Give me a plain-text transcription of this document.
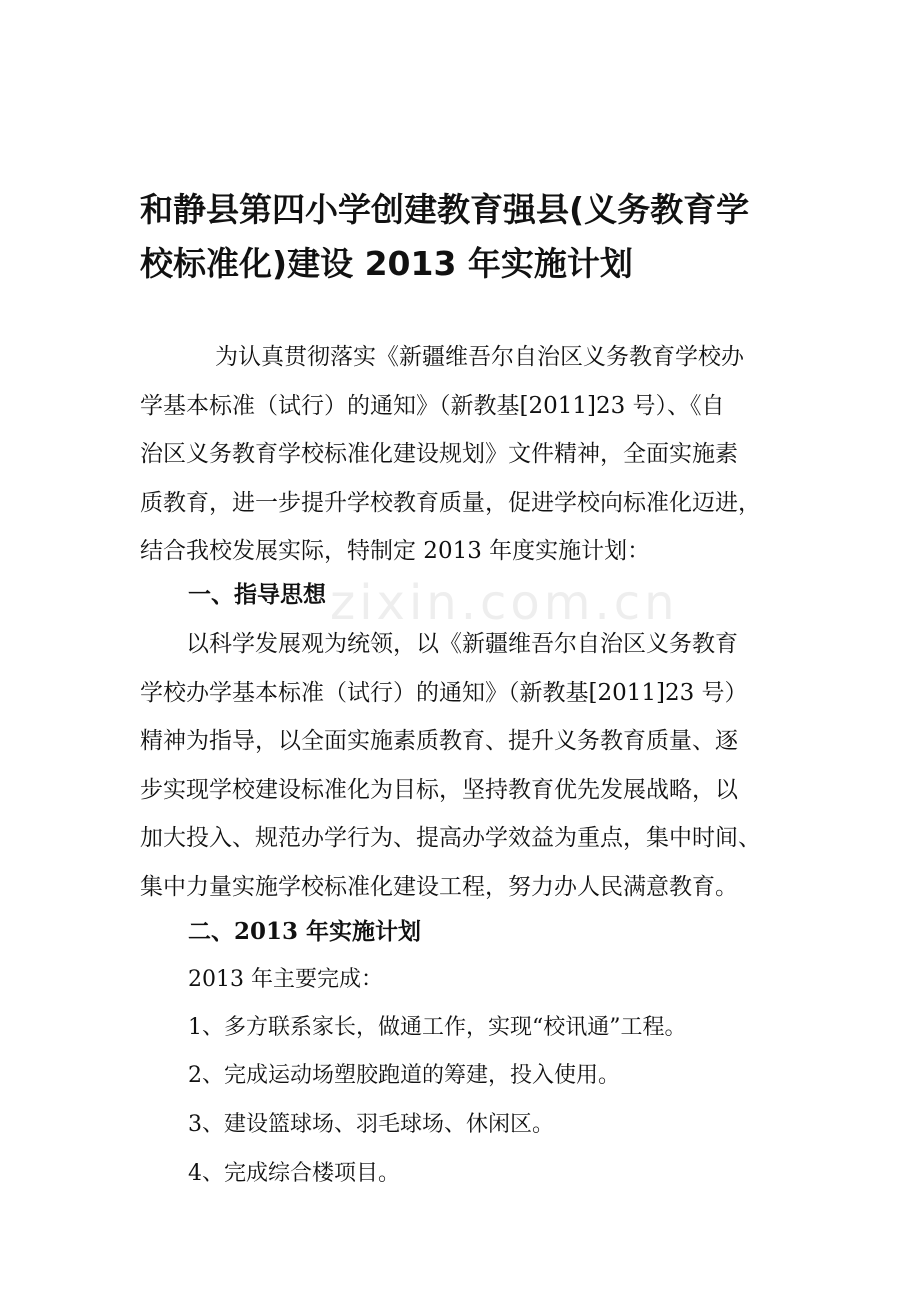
和静县第四小学创建教育强县(义务教育学
校标准化)建设 2013 年实施计划
为认真贯彻落实《新疆维吾尔自治区义务教育学校办
学基本标准（试行）的通知》（新教基[2011]23 号）、《自
治区义务教育学校标准化建设规划》文件精神，全面实施素
质教育，进一步提升学校教育质量，促进学校向标准化迈进，
结合我校发展实际，特制定 2013 年度实施计划：
一、指导思想
以科学发展观为统领，以《新疆维吾尔自治区义务教育
学校办学基本标准（试行）的通知》（新教基[2011]23 号）
精神为指导，以全面实施素质教育、提升义务教育质量、逐
步实现学校建设标准化为目标，坚持教育优先发展战略，以
加大投入、规范办学行为、提高办学效益为重点，集中时间、
集中力量实施学校标准化建设工程，努力办人民满意教育。
二、2013 年实施计划
2013 年主要完成：
1、多方联系家长，做通工作，实现“校讯通”工程。
2、完成运动场塑胶跑道的筹建，投入使用。
3、建设篮球场、羽毛球场、休闲区。
4、完成综合楼项目。
zixin.com.cn
